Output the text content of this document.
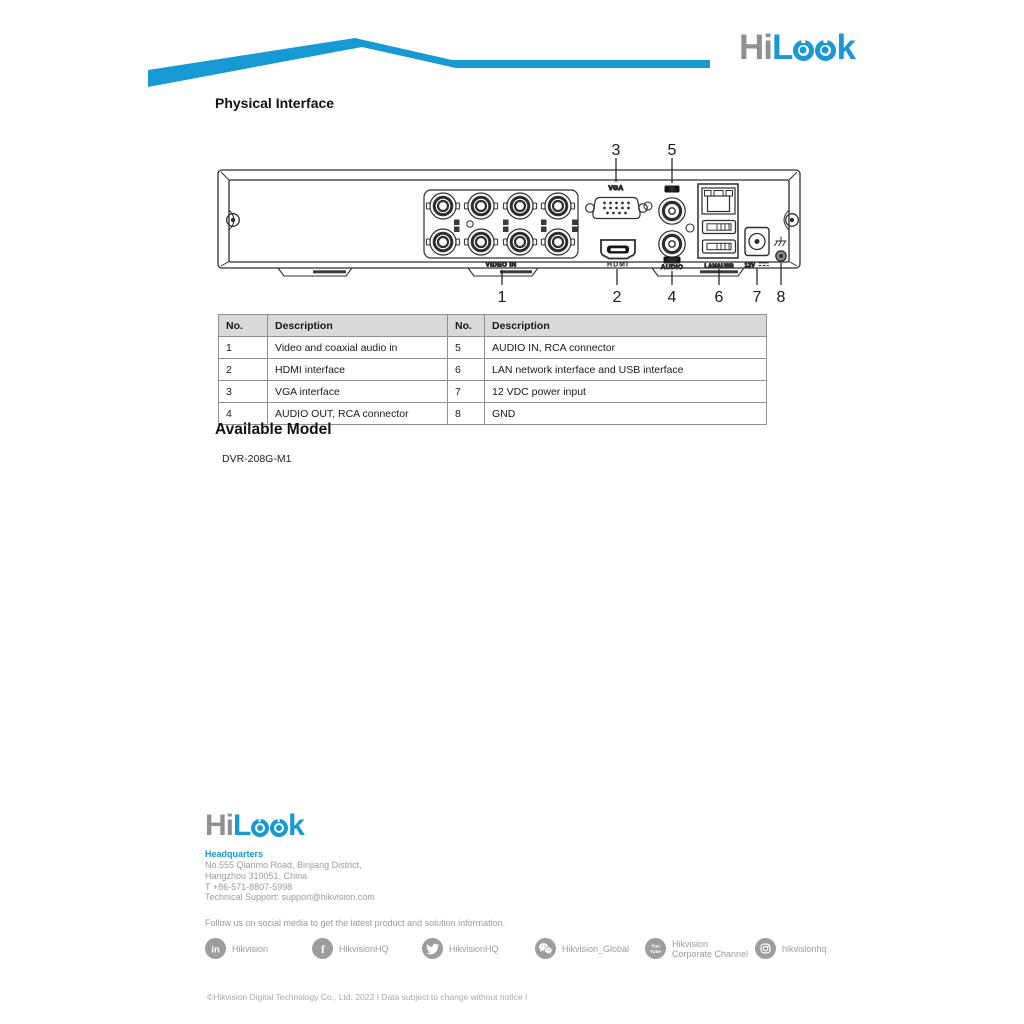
VIDEO IN
VGA
HDMI
IN
OUT
AUDIO	LAN&USB 12V
3	5
1	2	4 6 7 8
Hi L k
Physical Interface
No.	Description	No.	Description
1	Video and coaxial audio in	5	AUDIO IN, RCA connector
2	HDMI interface	6	LAN network interface and USB interface
3	VGA interface	7	12 VDC power input
4	AUDIO OUT, RCA connector	8	GND
Available Model
DVR-208G-M1
Hi L k
Headquarters
No.555 Qianmo Road, Binjiang District,
Hangzhou 310051, China
T +86-571-8807-5998
Technical Support: support@hikvision.com
Follow us on social media to get the latest product and solution information.
in Hikvision	f HikvisionHQ	HikvisionHQ	Hikvision_Global	You
Tube
Hikvision
Corporate Channel	hikvisionhq
©Hikvision Digital Technology Co., Ltd. 2022 I Data subject to change without notice I
